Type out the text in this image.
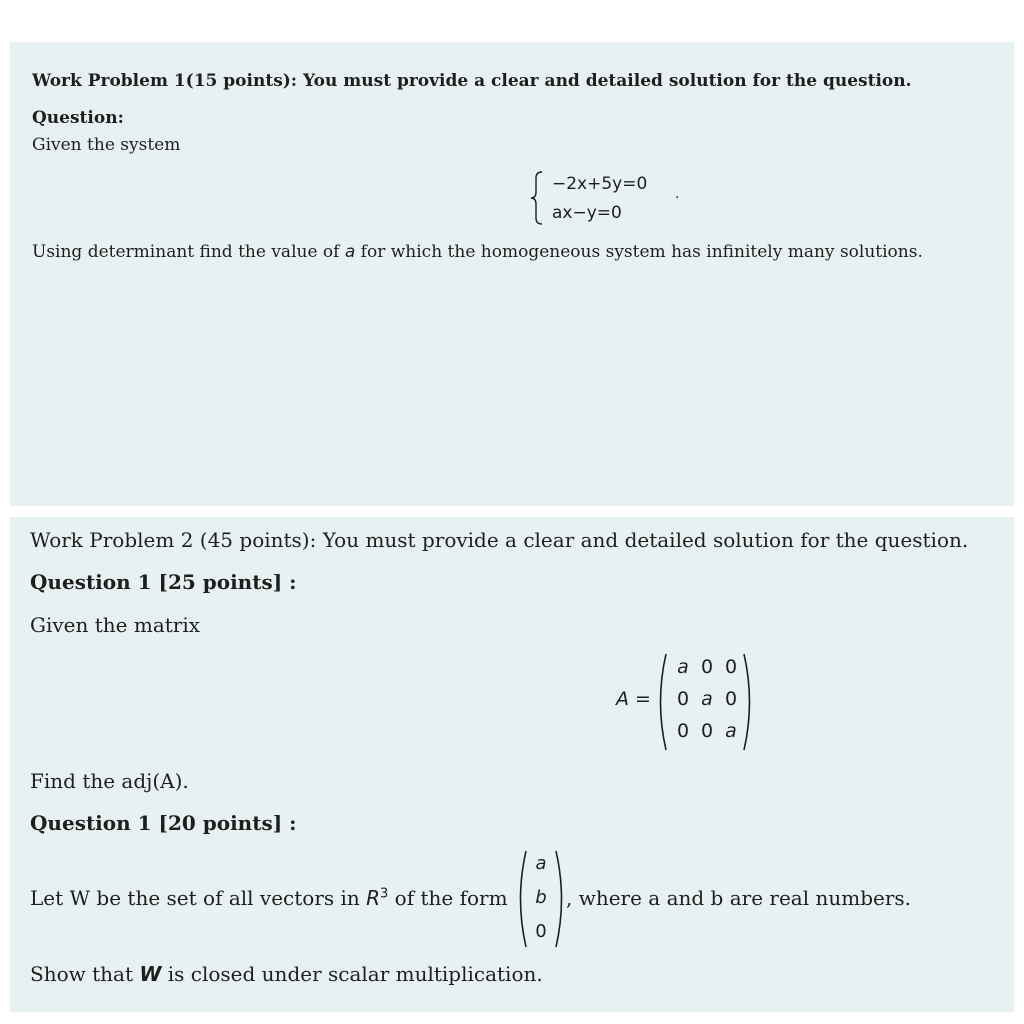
Work Problem 1(15 points): You must provide a clear and detailed solution for the question.
Question:
Given the system
−2x+5y=0
ax−y=0
.
Using determinant find the value of a for which the homogeneous system has infinitely many solutions.
Work Problem 2 (45 points): You must provide a clear and detailed solution for the question.
Question 1 [25 points] :
Given the matrix
A =
a 0 0
0 a 0
0 0 a
Find the adj(A).
Question 1 [20 points] :
Let W be the set of all vectors in $R^3$ of the form
a
b
0
, where a and b are real numbers.
Show that W is closed under scalar multiplication.
